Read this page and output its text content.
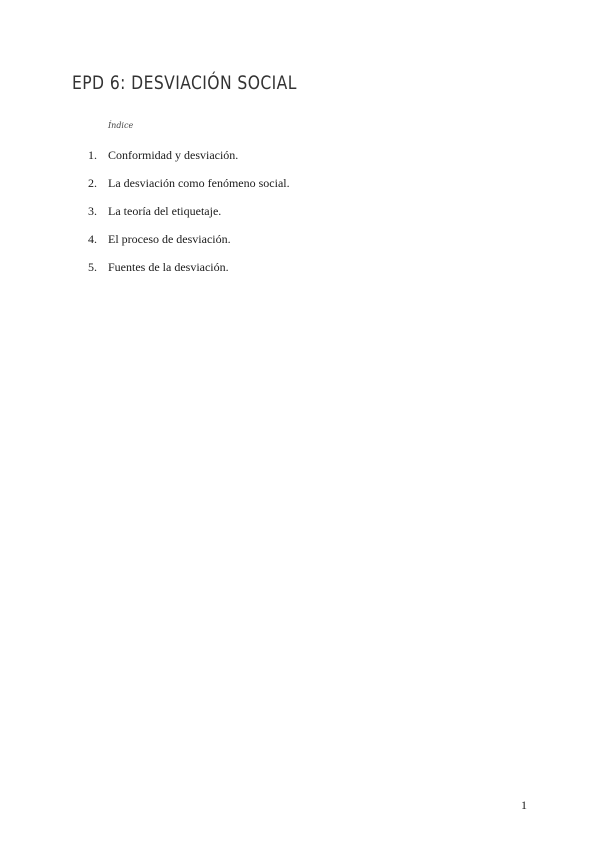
EPD 6: DESVIACIÓN SOCIAL
Índice
1. Conformidad y desviación.
2. La desviación como fenómeno social.
3. La teoría del etiquetaje.
4. El proceso de desviación.
5. Fuentes de la desviación.
1
